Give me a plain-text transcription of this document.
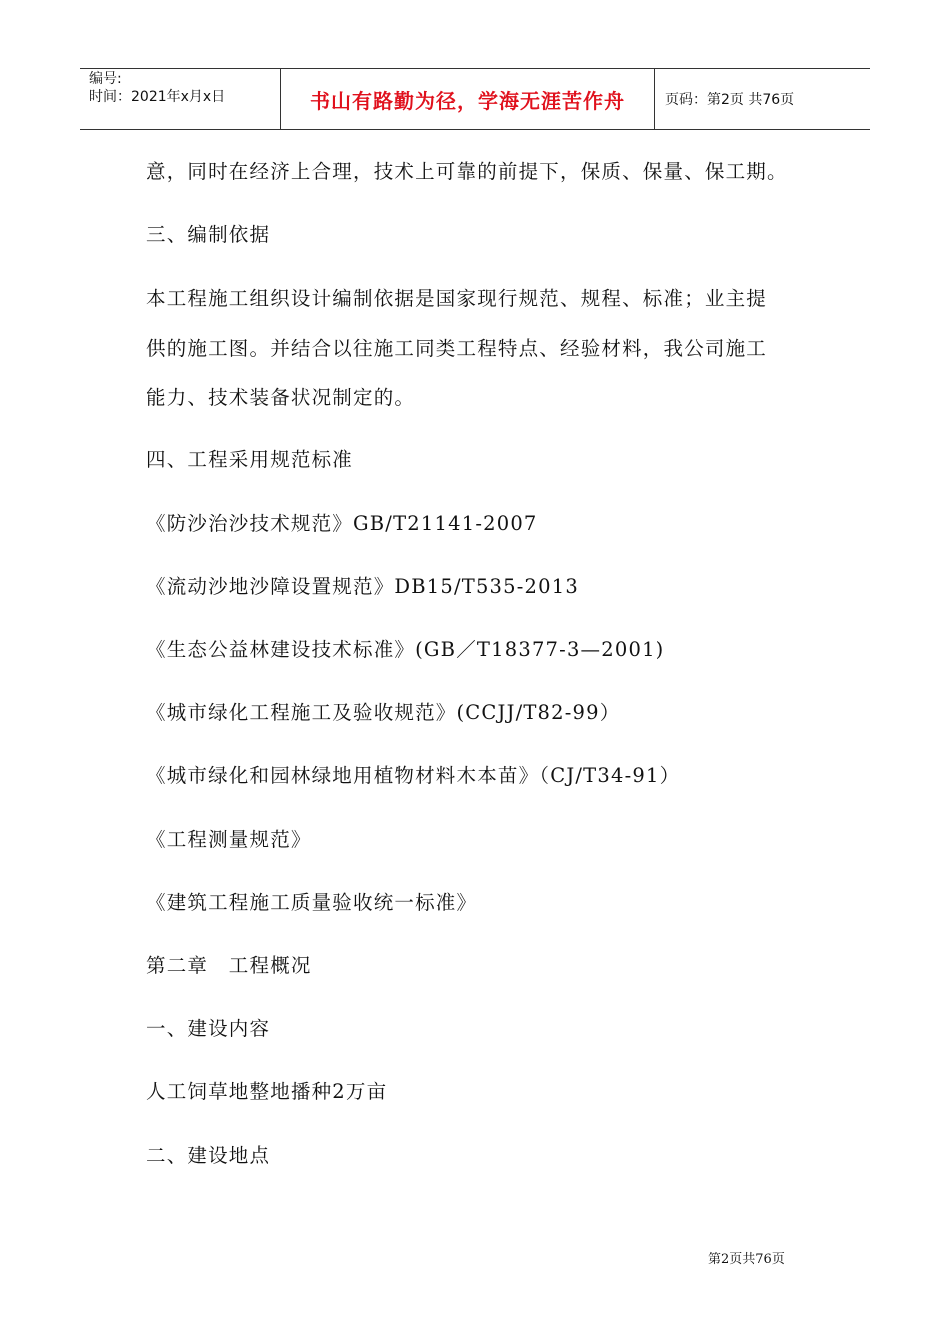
编号:
时间：2021年x月x日	书山有路勤为径，学海无涯苦作舟	页码：第2页 共76页
意，同时在经济上合理，技术上可靠的前提下，保质、保量、保工期。
三、编制依据
本工程施工组织设计编制依据是国家现行规范、规程、标准；业主提
供的施工图。并结合以往施工同类工程特点、经验材料，我公司施工
能力、技术装备状况制定的。
四、工程采用规范标准
《防沙治沙技术规范》GB/T21141-2007
《流动沙地沙障设置规范》DB15/T535-2013
《生态公益林建设技术标准》(GB／T18377-3—2001)
《城市绿化工程施工及验收规范》(CCJJ/T82-99）
《城市绿化和园林绿地用植物材料木本苗》（CJ/T34-91）
《工程测量规范》
《建筑工程施工质量验收统一标准》
第二章　工程概况
一、建设内容
人工饲草地整地播种2万亩
二、建设地点
第2页共76页
